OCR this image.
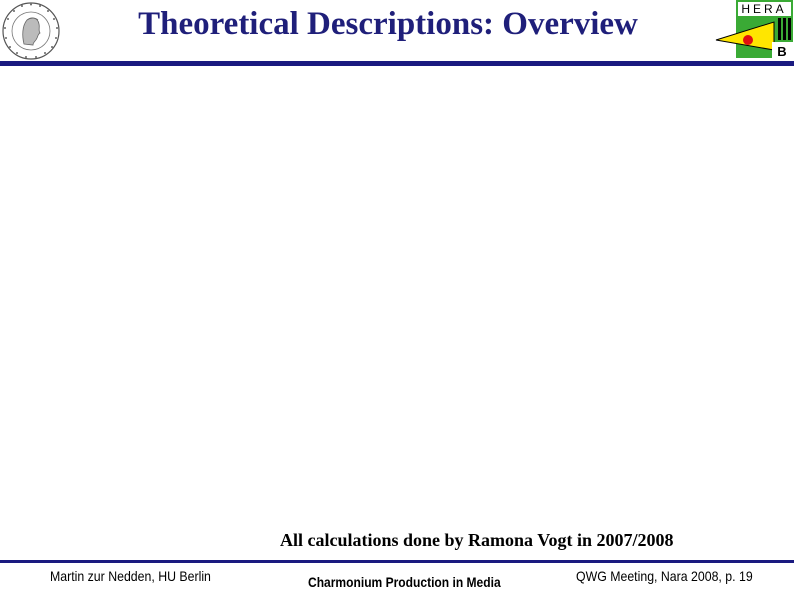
Theoretical Descriptions: Overview	HERA
B
All calculations done by Ramona Vogt in 2007/2008
Martin zur Nedden, HU Berlin	Charmonium Production in Media	QWG Meeting, Nara 2008, p. 19
